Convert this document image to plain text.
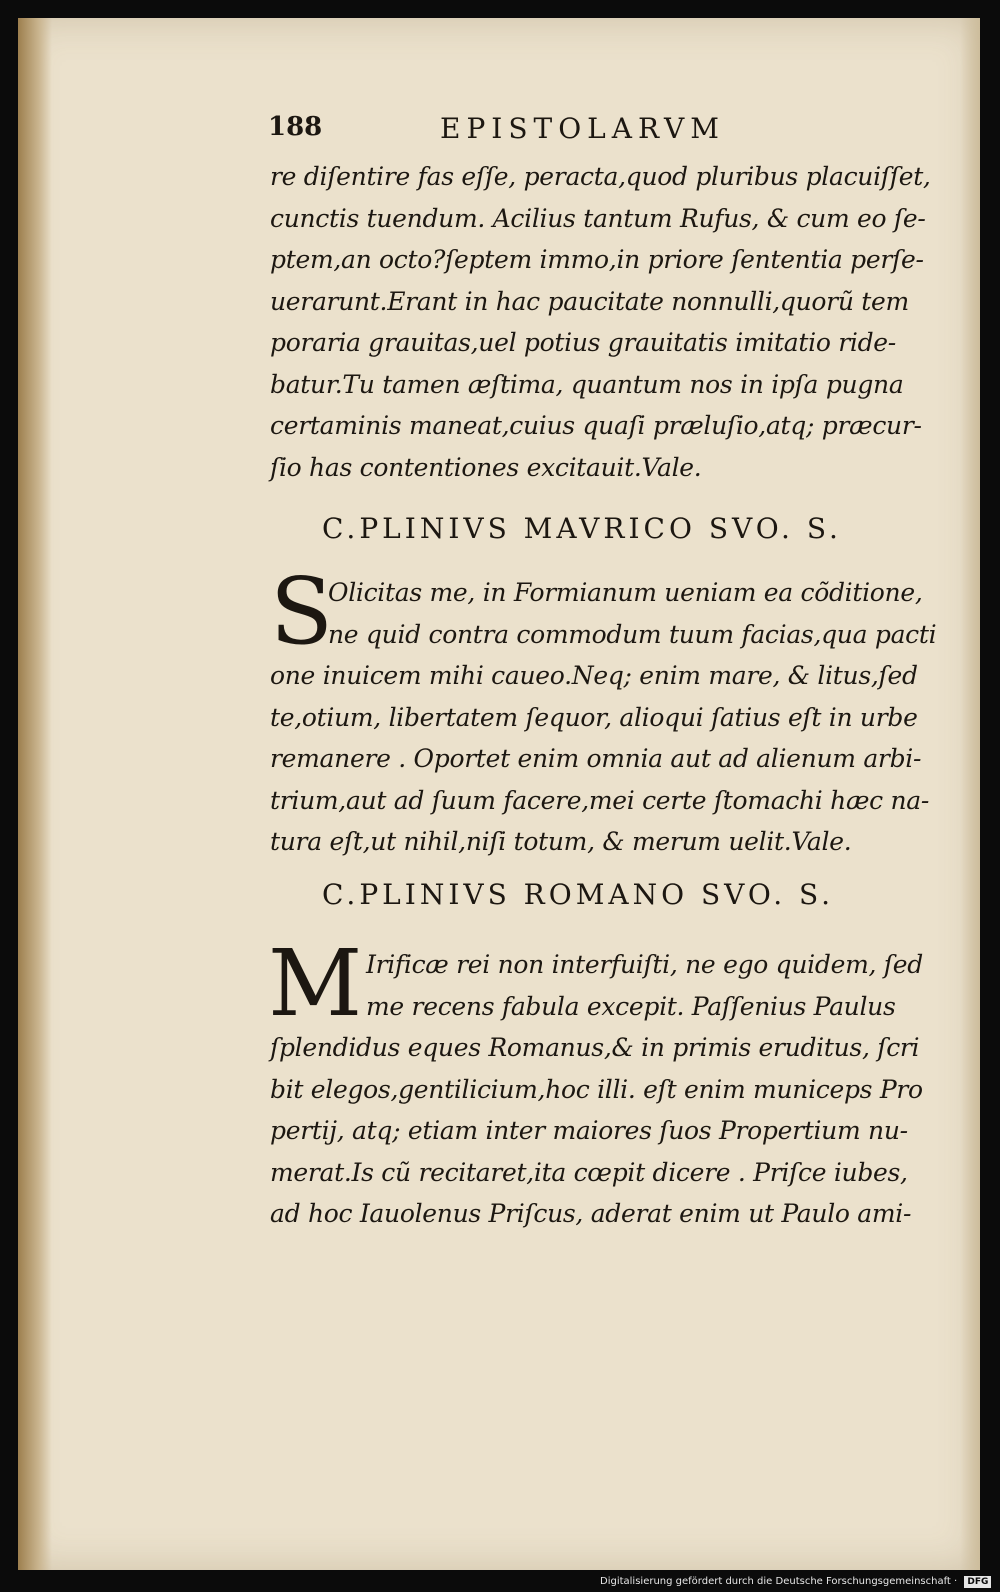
188	EPISTOLARVM
re diſentire fas eſſe, peracta,quod pluribus placuiſſet,
cunctis tuendum. Acilius tantum Rufus, & cum eo ſe-
ptem,an octo?ſeptem immo,in priore ſententia perſe-
uerarunt.Erant in hac paucitate nonnulli,quorũ tem
poraria grauitas,uel potius grauitatis imitatio ride-
batur.Tu tamen æſtima, quantum nos in ipſa pugna
certaminis maneat,cuius quaſi præluſio,atq; præcur-
ſio has contentiones excitauit.Vale.
C.PLINIVS MAVRICO SVO. S.
S
Olicitas me, in Formianum ueniam ea cõditione,
ne quid contra commodum tuum facias,qua pacti
one inuicem mihi caueo.Neq; enim mare, & litus,ſed
te,otium, libertatem ſequor, alioqui ſatius eſt in urbe
remanere . Oportet enim omnia aut ad alienum arbi-
trium,aut ad ſuum facere,mei certe ſtomachi hæc na-
tura eſt,ut nihil,niſi totum, & merum uelit.Vale.
C.PLINIVS ROMANO SVO. S.
M Irificæ rei non interfuiſti, ne ego quidem, ſed
me recens fabula excepit. Paſſenius Paulus
ſplendidus eques Romanus,& in primis eruditus, ſcri
bit elegos,gentilicium,hoc illi. eſt enim municeps Pro
pertij, atq; etiam inter maiores ſuos Propertium nu-
merat.Is cũ recitaret,ita cœpit dicere . Priſce iubes,
ad hoc Iauolenus Priſcus, aderat enim ut Paulo ami-
Digitalisierung gefördert durch die Deutsche Forschungsgemeinschaft · DFG
